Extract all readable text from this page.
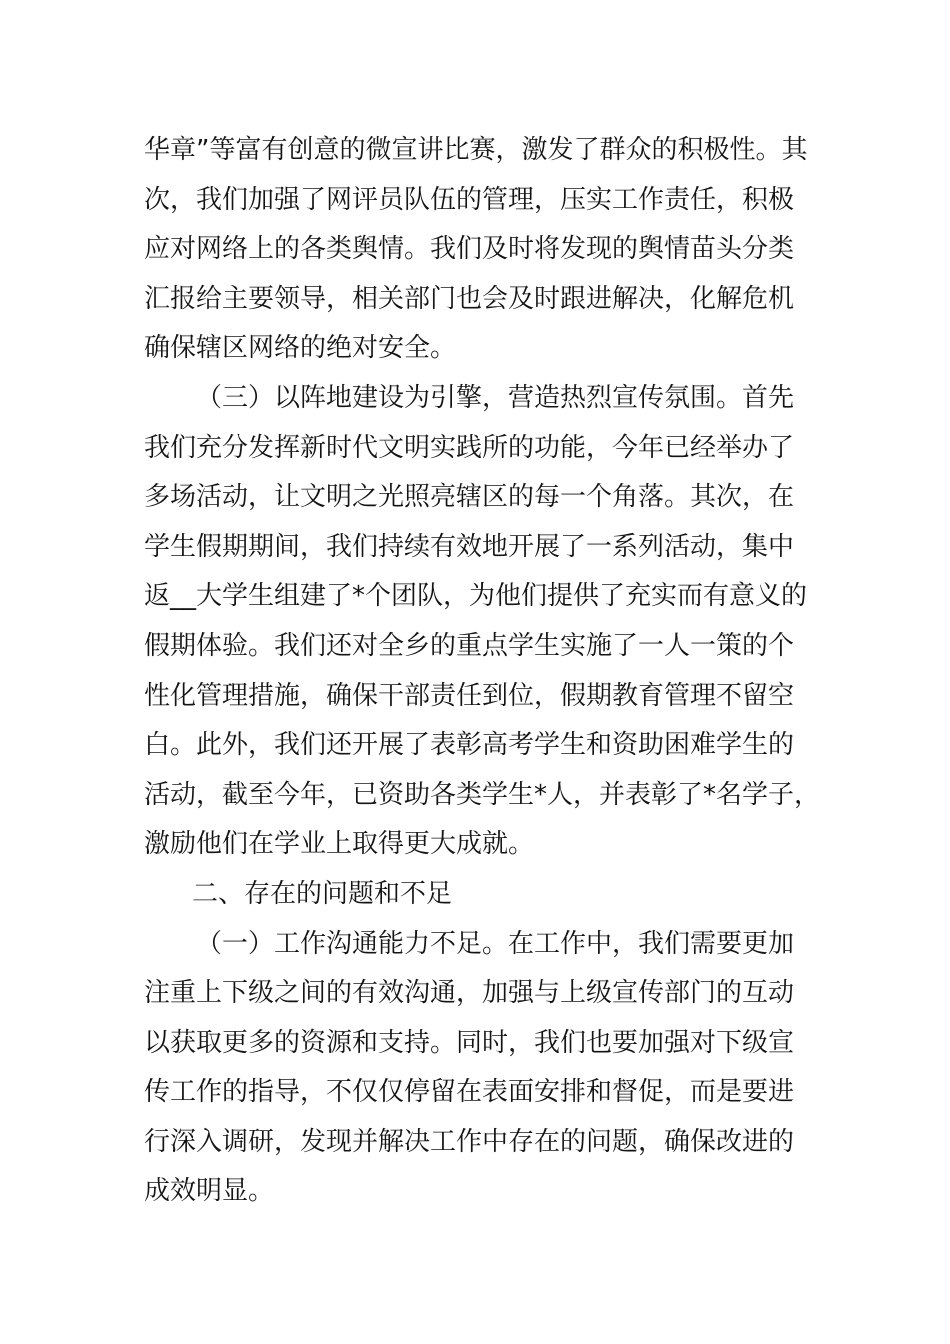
华章”等富有创意的微宣讲比赛，激发了群众的积极性。其
次，我们加强了网评员队伍的管理，压实工作责任，积极
应对网络上的各类舆情。我们及时将发现的舆情苗头分类
汇报给主要领导，相关部门也会及时跟进解决，化解危机
确保辖区网络的绝对安全。
（三）以阵地建设为引擎，营造热烈宣传氛围。首先
我们充分发挥新时代文明实践所的功能，今年已经举办了
多场活动，让文明之光照亮辖区的每一个角落。其次，在
学生假期期间，我们持续有效地开展了一系列活动，集中
返__大学生组建了*个团队，为他们提供了充实而有意义的
假期体验。我们还对全乡的重点学生实施了一人一策的个
性化管理措施，确保干部责任到位，假期教育管理不留空
白。此外，我们还开展了表彰高考学生和资助困难学生的
活动，截至今年，已资助各类学生*人，并表彰了*名学子，
激励他们在学业上取得更大成就。
二、存在的问题和不足
（一）工作沟通能力不足。在工作中，我们需要更加
注重上下级之间的有效沟通，加强与上级宣传部门的互动
以获取更多的资源和支持。同时，我们也要加强对下级宣
传工作的指导，不仅仅停留在表面安排和督促，而是要进
行深入调研，发现并解决工作中存在的问题，确保改进的
成效明显。
